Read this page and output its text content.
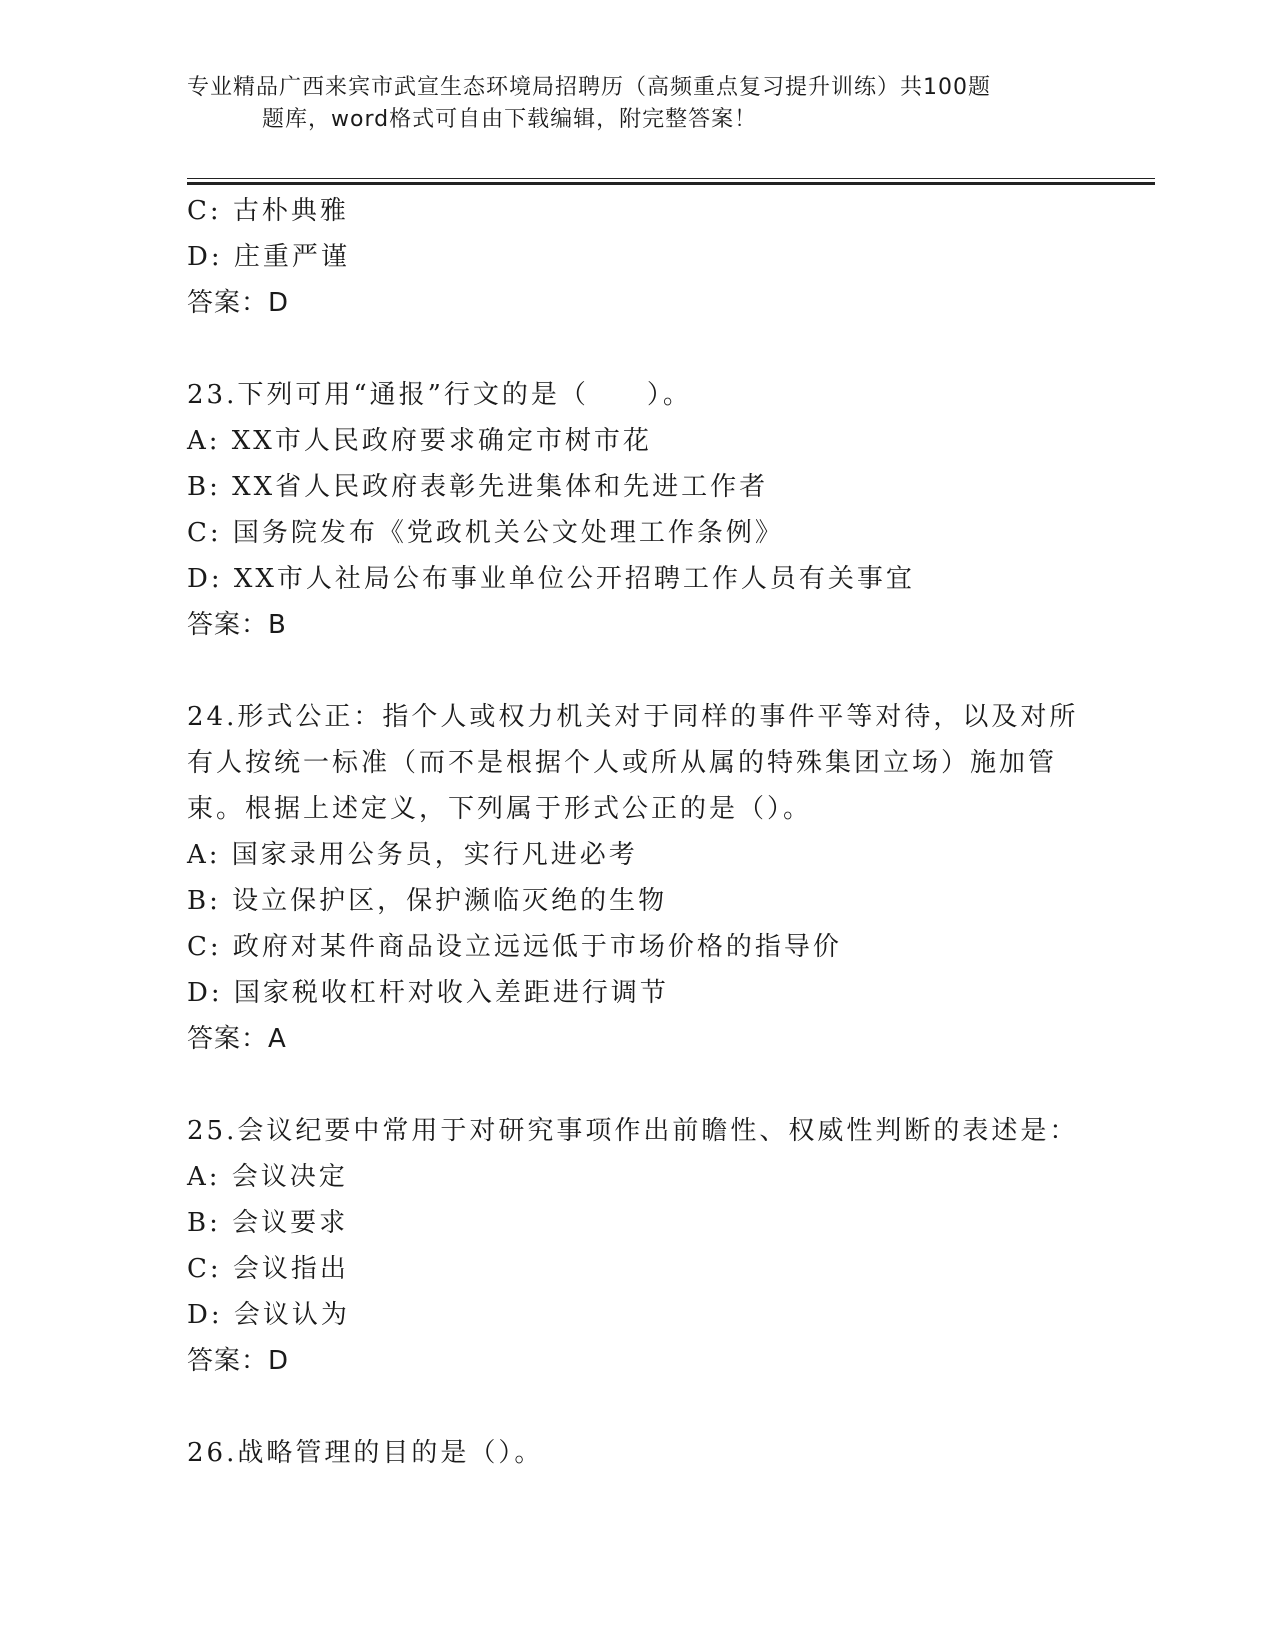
专业精品广西来宾市武宣生态环境局招聘历（高频重点复习提升训练）共100题
题库，word格式可自由下载编辑，附完整答案！
C: 古朴典雅
D: 庄重严谨
答案：D
23.下列可用“通报”行文的是（　　）。
A: XX市人民政府要求确定市树市花
B: XX省人民政府表彰先进集体和先进工作者
C: 国务院发布《党政机关公文处理工作条例》
D: XX市人社局公布事业单位公开招聘工作人员有关事宜
答案：B
24.形式公正：指个人或权力机关对于同样的事件平等对待，以及对所
有人按统一标准（而不是根据个人或所从属的特殊集团立场）施加管
束。根据上述定义，下列属于形式公正的是（）。
A: 国家录用公务员，实行凡进必考
B: 设立保护区，保护濒临灭绝的生物
C: 政府对某件商品设立远远低于市场价格的指导价
D: 国家税收杠杆对收入差距进行调节
答案：A
25.会议纪要中常用于对研究事项作出前瞻性、权威性判断的表述是：
A: 会议决定
B: 会议要求
C: 会议指出
D: 会议认为
答案：D
26.战略管理的目的是（）。
